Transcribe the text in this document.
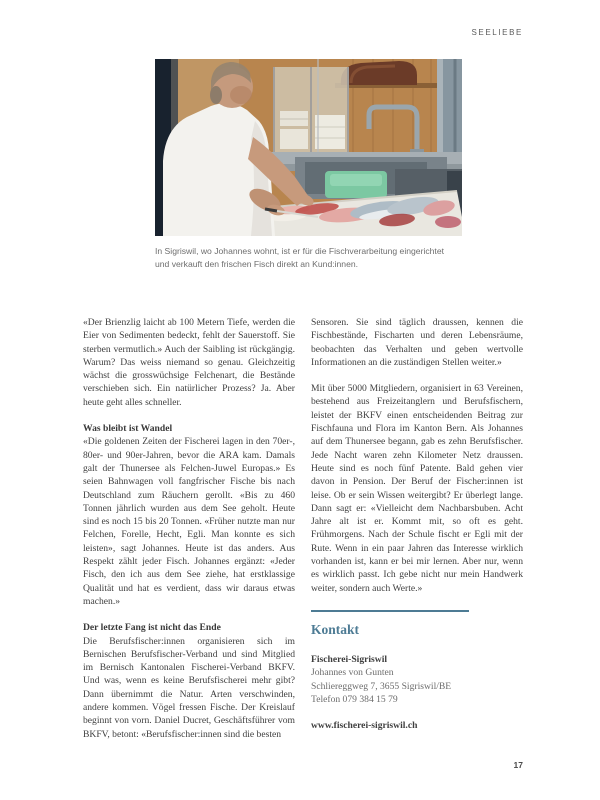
SEELIEBE
In Sigriswil, wo Johannes wohnt, ist er für die Fischverarbeitung eingerichtet und verkauft den frischen Fisch direkt an Kund:innen.

«Der Brienzlig laicht ab 100 Metern Tiefe, werden die Eier von Sedimenten bedeckt, fehlt der Sauerstoff. Sie sterben vermutlich.» Auch der Saibling ist rückgängig. Warum? Das weiss niemand so genau. Gleichzeitig wächst die grosswüchsige Felchenart, die Bestände verschieben sich. Ein natürlicher Prozess? Ja. Aber heute geht alles schneller.

Was bleibt ist Wandel

«Die goldenen Zeiten der Fischerei lagen in den 70er-, 80er- und 90er-Jahren, bevor die ARA kam. Damals galt der Thunersee als Felchen-Juwel Europas.» Es seien Bahnwagen voll fangfrischer Fische bis nach Deutschland zum Räuchern gerollt. «Bis zu 460 Tonnen jährlich wurden aus dem See geholt. Heute sind es noch 15 bis 20 Tonnen. «Früher nutzte man nur Felchen, Forelle, Hecht, Egli. Man konnte es sich leisten», sagt Johannes. Heute ist das anders. Aus Respekt zählt jeder Fisch. Johannes ergänzt: «Jeder Fisch, den ich aus dem See ziehe, hat erstklassige Qualität und hat es verdient, dass wir daraus etwas machen.»

Der letzte Fang ist nicht das Ende

Die Berufsfischer:innen organisieren sich im Bernischen Berufsfischer-Verband und sind Mitglied im Bernisch Kantonalen Fischerei-Verband BKFV. Und was, wenn es keine Berufsfischerei mehr gibt? Dann übernimmt die Natur. Arten verschwinden, andere kommen. Vögel fressen Fische. Der Kreislauf beginnt von vorn. Daniel Ducret, Geschäftsführer vom BKFV, betont: «Berufsfischer:innen sind die besten

Sensoren. Sie sind täglich draussen, kennen die Fischbestände, Fischarten und deren Lebensräume, beobachten das Verhalten und geben wertvolle Informationen an die zuständigen Stellen weiter.»

Mit über 5000 Mitgliedern, organisiert in 63 Vereinen, bestehend aus Freizeitanglern und Berufsfischern, leistet der BKFV einen entscheidenden Beitrag zur Fischfauna und Flora im Kanton Bern. Als Johannes auf dem Thunersee begann, gab es zehn Berufsfischer. Jede Nacht waren zehn Kilometer Netz draussen. Heute sind es noch fünf Patente. Bald gehen vier davon in Pension. Der Beruf der Fischer:innen ist leise. Ob er sein Wissen weitergibt? Er überlegt lange. Dann sagt er: «Vielleicht dem Nachbarsbuben. Acht Jahre alt ist er. Kommt mit, so oft es geht. Frühmorgens. Nach der Schule fischt er Egli mit der Rute. Wenn in ein paar Jahren das Interesse wirklich vorhanden ist, kann er bei mir lernen. Aber nur, wenn es wirklich passt. Ich gebe nicht nur mein Handwerk weiter, sondern auch Werte.»

Kontakt
Fischerei-Sigriswil
Johannes von Gunten
Schliereggweg 7, 3655 Sigriswil/BE
Telefon 079 384 15 79
www.fischerei-sigriswil.ch
17
